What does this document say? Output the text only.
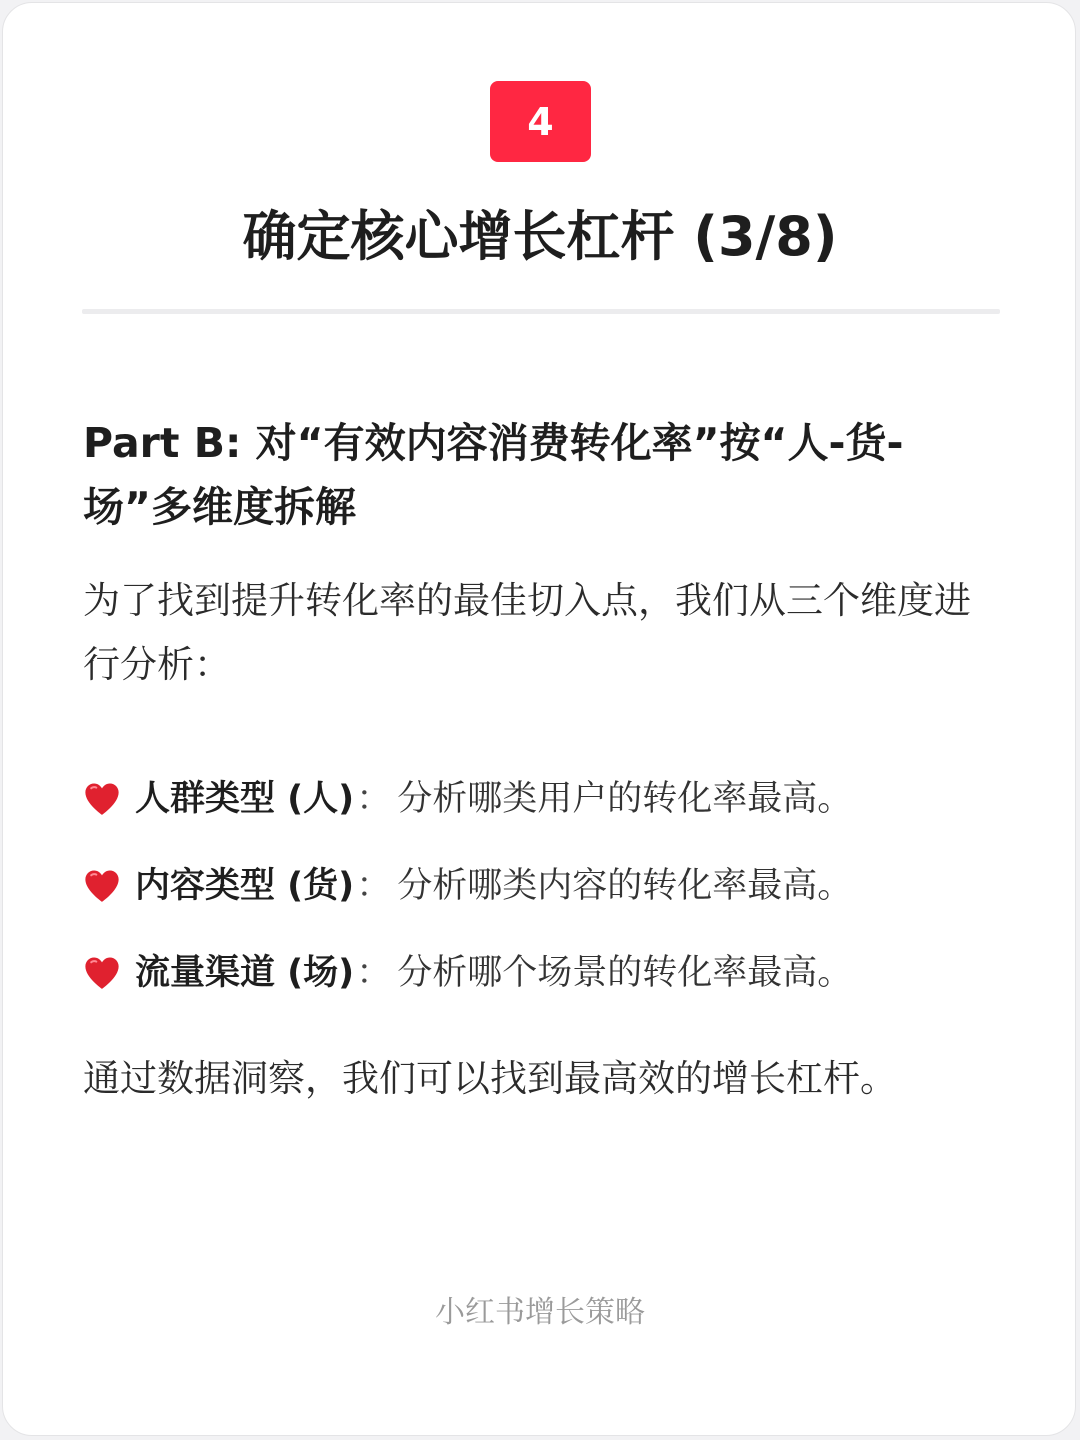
4
确定核心增长杠杆 (3/8)
Part B: 对“有效内容消费转化率”按“人-货-场”多维度拆解
为了找到提升转化率的最佳切入点，我们从三个维度进行分析：
人群类型 (人) ： 分析哪类用户的转化率最高。
内容类型 (货) ： 分析哪类内容的转化率最高。
流量渠道 (场) ： 分析哪个场景的转化率最高。
通过数据洞察，我们可以找到最高效的增长杠杆。
小红书增长策略
